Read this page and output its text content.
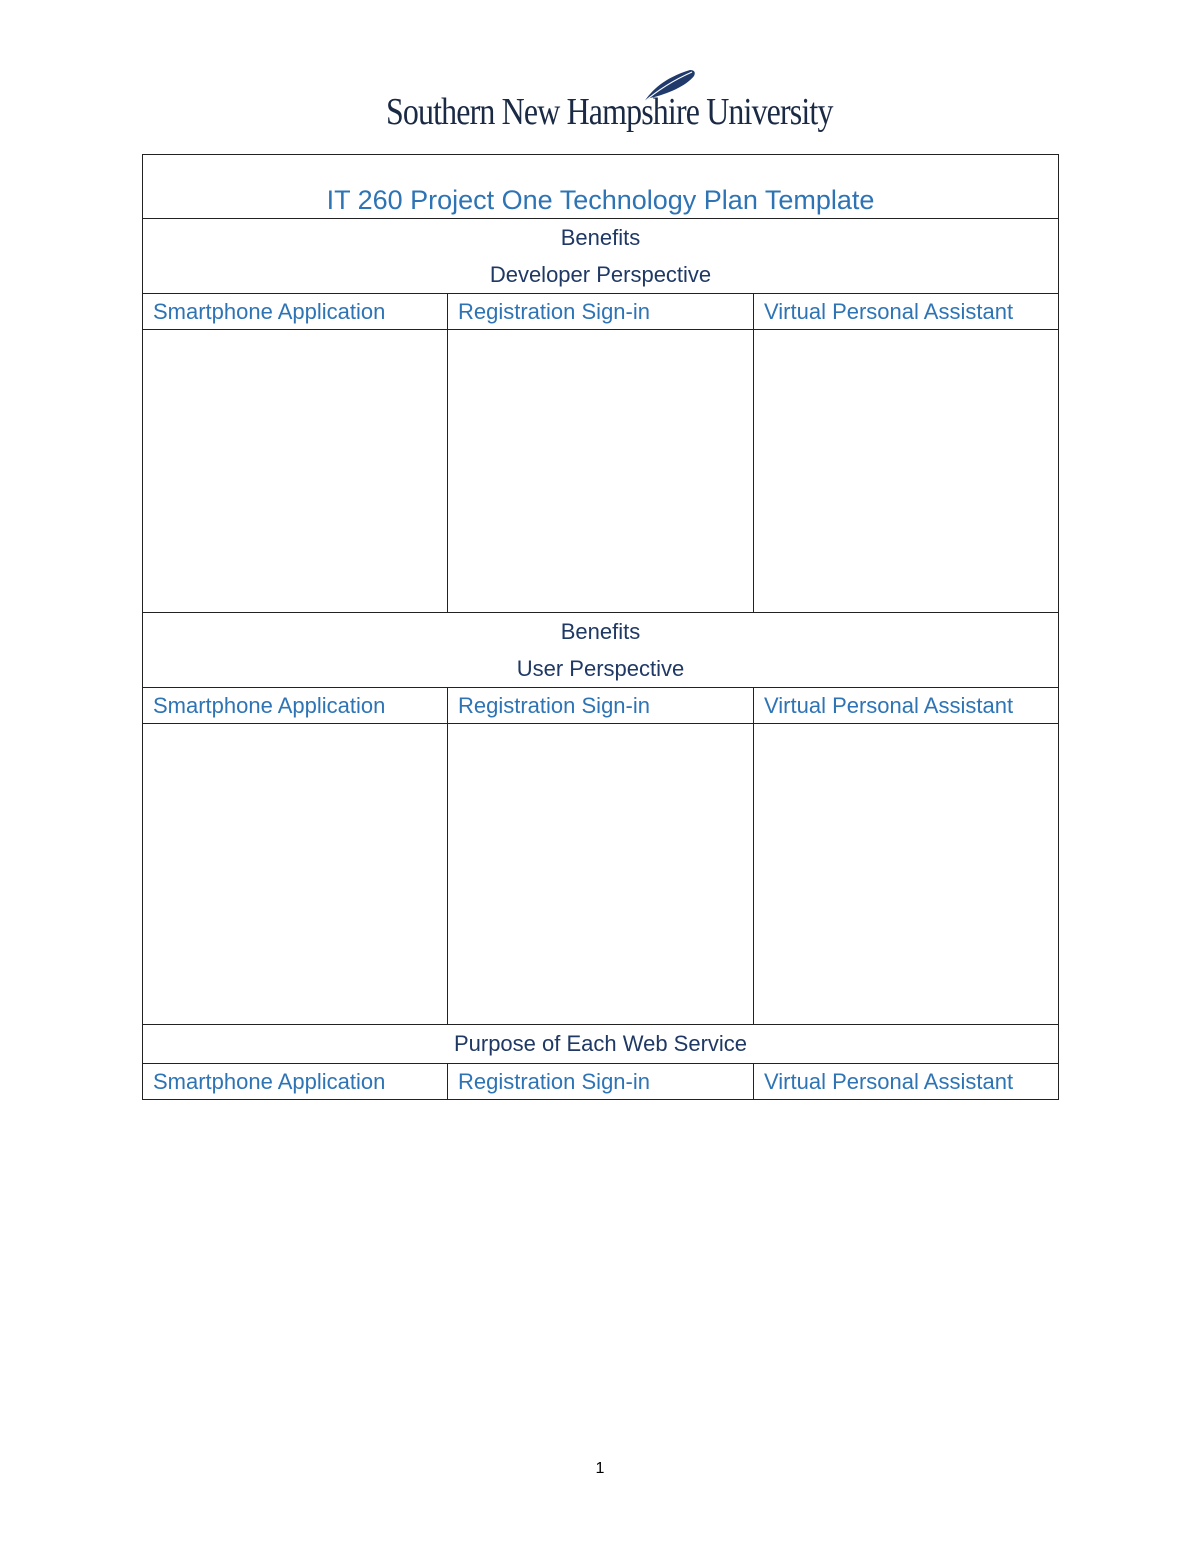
Southern New Hampshire University
IT 260 Project One Technology Plan Template		

Benefits
Developer Perspective		

Smartphone Application	Registration Sign-in	Virtual Personal Assistant

Benefits
User Perspective		

Smartphone Application	Registration Sign-in	Virtual Personal Assistant

Purpose of Each Web Service		
Smartphone Application	Registration Sign-in	Virtual Personal Assistant
1
